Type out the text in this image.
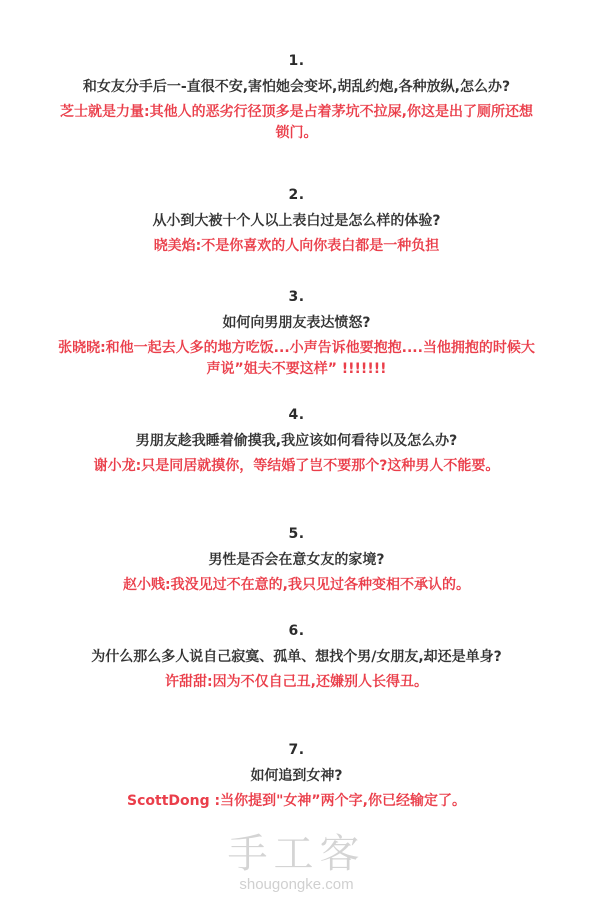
1.
和女友分手后一-直很不安,害怕她会变坏,胡乱约炮,各种放纵,怎么办?
芝士就是力量:其他人的恶劣行径顶多是占着茅坑不拉屎,你这是出了厕所还想锁门。
2.
从小到大被十个人以上表白过是怎么样的体验?
晓美焰:不是你喜欢的人向你表白都是一种负担
3.
如何向男朋友表达愤怒?
张晓晓:和他一起去人多的地方吃饭...小声告诉他要抱抱....当他拥抱的时候大声说”姐夫不要这样” !!!!!!!
4.
男朋友趁我睡着偷摸我,我应该如何看待以及怎么办?
谢小龙:只是同居就摸你，等结婚了岂不要那个?这种男人不能要。
5.
男性是否会在意女友的家境?
赵小贱:我没见过不在意的,我只见过各种变相不承认的。
6.
为什么那么多人说自己寂寞、孤单、想找个男/女朋友,却还是单身?
许甜甜:因为不仅自己丑,还嫌别人长得丑。
7.
如何追到女神?
ScottDong :当你提到"女神”两个字,你已经输定了。
手工客
shougongke.com
